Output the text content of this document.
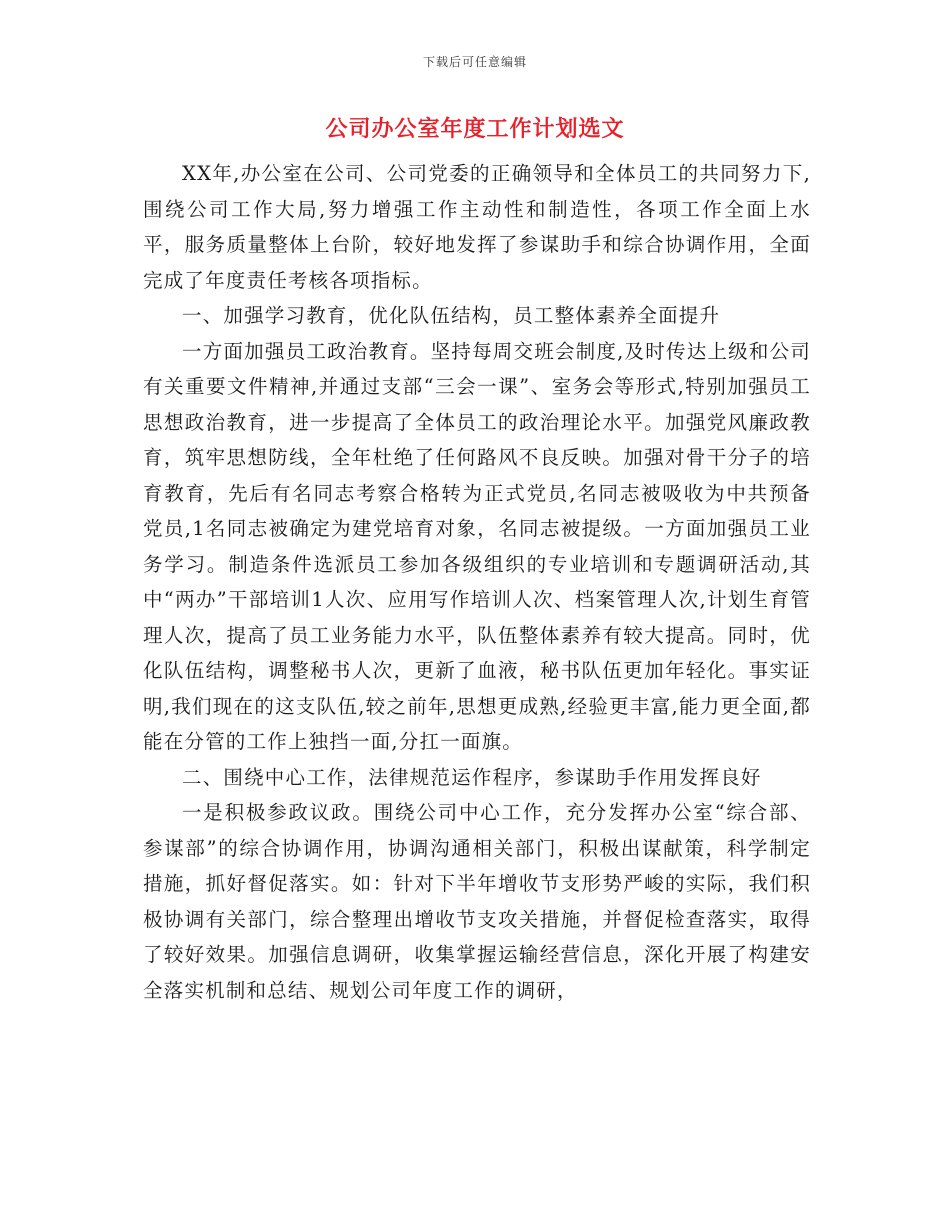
下载后可任意编辑
公司办公室年度工作计划选文

XX年,办公室在公司、公司党委的正确领导和全体员工的共同努力下,围绕公司工作大局,努力增强工作主动性和制造性，各项工作全面上水平，服务质量整体上台阶，较好地发挥了参谋助手和综合协调作用，全面完成了年度责任考核各项指标。

一、加强学习教育，优化队伍结构，员工整体素养全面提升

一方面加强员工政治教育。坚持每周交班会制度,及时传达上级和公司有关重要文件精神,并通过支部“三会一课”、室务会等形式,特别加强员工思想政治教育，进一步提高了全体员工的政治理论水平。加强党风廉政教育，筑牢思想防线，全年杜绝了任何路风不良反映。加强对骨干分子的培育教育，先后有名同志考察合格转为正式党员,名同志被吸收为中共预备党员,1名同志被确定为建党培育对象，名同志被提级。一方面加强员工业务学习。制造条件选派员工参加各级组织的专业培训和专题调研活动,其中“两办”干部培训1人次、应用写作培训人次、档案管理人次,计划生育管理人次，提高了员工业务能力水平，队伍整体素养有较大提高。同时，优化队伍结构，调整秘书人次，更新了血液，秘书队伍更加年轻化。事实证明,我们现在的这支队伍,较之前年,思想更成熟,经验更丰富,能力更全面,都能在分管的工作上独挡一面,分扛一面旗。

二、围绕中心工作，法律规范运作程序，参谋助手作用发挥良好

一是积极参政议政。围绕公司中心工作，充分发挥办公室“综合部、参谋部”的综合协调作用，协调沟通相关部门，积极出谋献策，科学制定措施，抓好督促落实。如：针对下半年增收节支形势严峻的实际，我们积极协调有关部门，综合整理出增收节支攻关措施，并督促检查落实，取得了较好效果。加强信息调研，收集掌握运输经营信息，深化开展了构建安全落实机制和总结、规划公司年度工作的调研，
